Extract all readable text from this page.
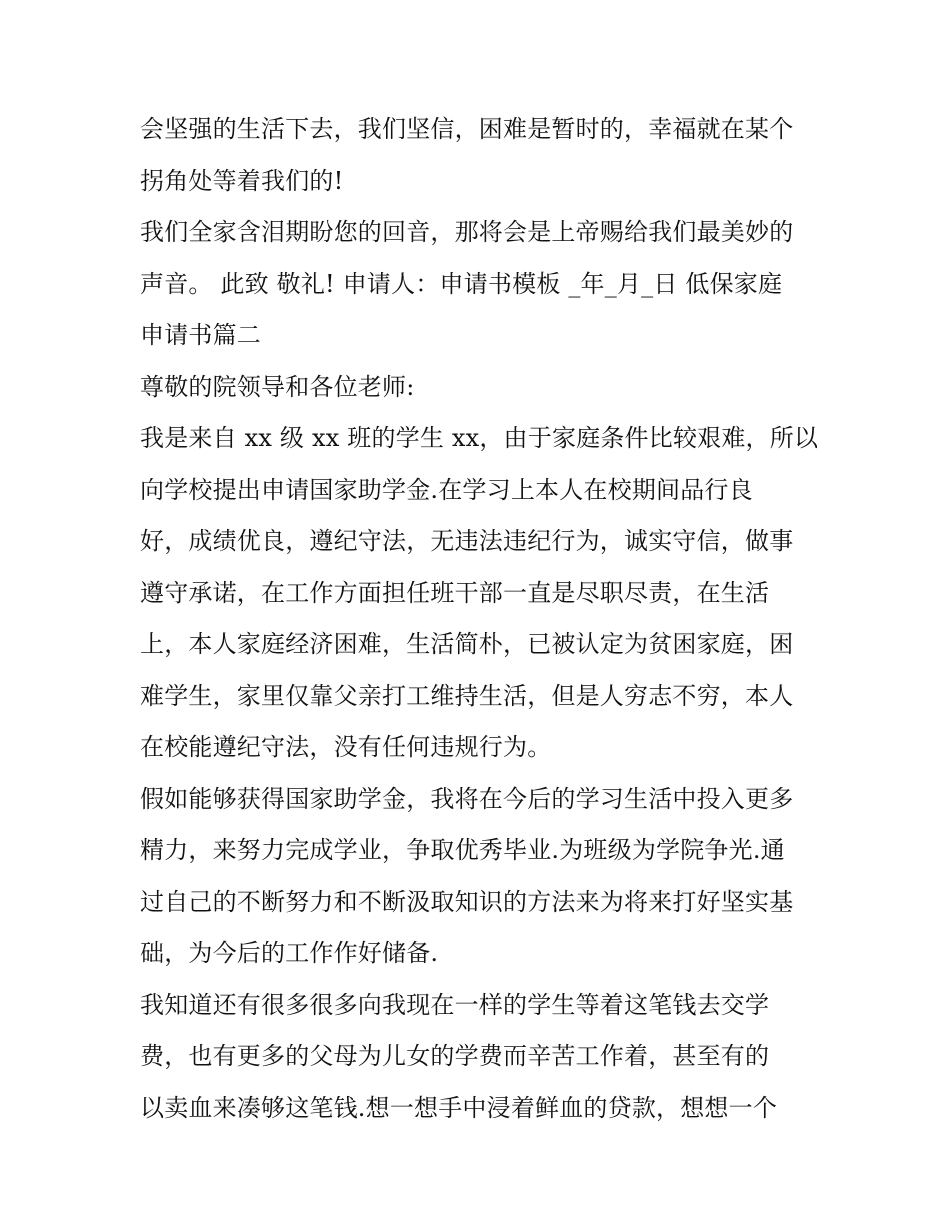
会坚强的生活下去，我们坚信，困难是暂时的，幸福就在某个
拐角处等着我们的!
我们全家含泪期盼您的回音，那将会是上帝赐给我们最美妙的
声音。 此致 敬礼! 申请人：申请书模板 _年_月_日 低保家庭
申请书篇二
尊敬的院领导和各位老师:
我是来自 xx 级 xx 班的学生 xx，由于家庭条件比较艰难，所以
向学校提出申请国家助学金.在学习上本人在校期间品行良
好，成绩优良，遵纪守法，无违法违纪行为，诚实守信，做事
遵守承诺，在工作方面担任班干部一直是尽职尽责，在生活
上，本人家庭经济困难，生活简朴，已被认定为贫困家庭，困
难学生，家里仅靠父亲打工维持生活，但是人穷志不穷，本人
在校能遵纪守法，没有任何违规行为。
假如能够获得国家助学金，我将在今后的学习生活中投入更多
精力，来努力完成学业，争取优秀毕业.为班级为学院争光.通
过自己的不断努力和不断汲取知识的方法来为将来打好坚实基
础，为今后的工作作好储备.
我知道还有很多很多向我现在一样的学生等着这笔钱去交学
费，也有更多的父母为儿女的学费而辛苦工作着，甚至有的
以卖血来凑够这笔钱.想一想手中浸着鲜血的贷款，想想一个
